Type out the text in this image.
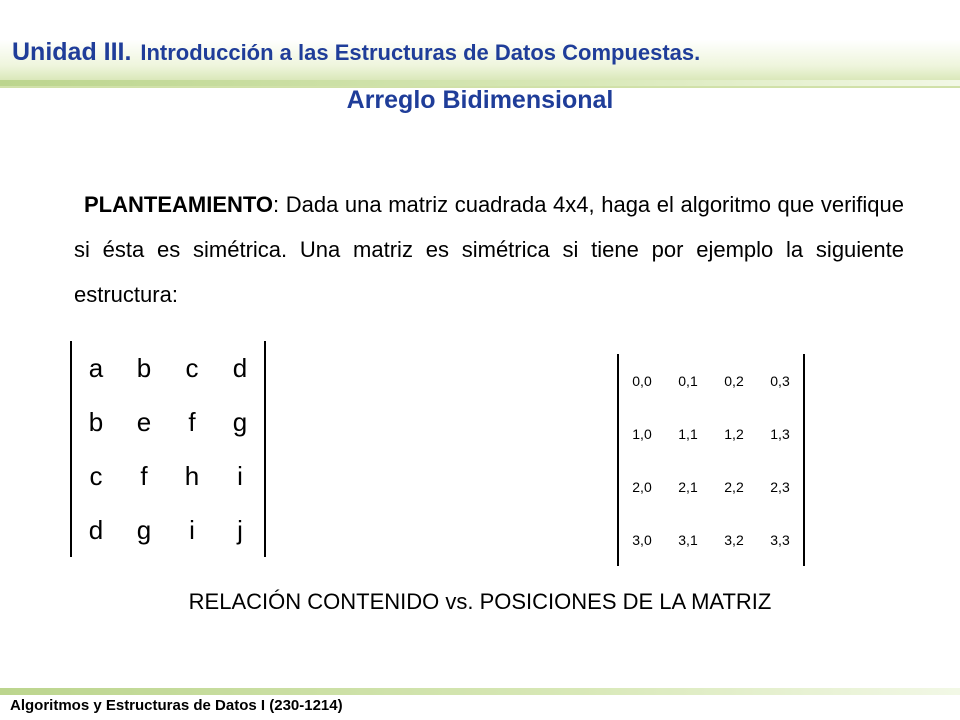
Unidad III. Introducción a las Estructuras de Datos Compuestas.
Arreglo Bidimensional

PLANTEAMIENTO: Dada una matriz cuadrada 4x4, haga el algoritmo que verifique si ésta es simétrica. Una matriz es simétrica si tiene por ejemplo la siguiente estructura:

a	b	c	d
b	e	f	g
c	f	h	i
d	g	i	j
0,0	0,1	0,2	0,3
1,0	1,1	1,2	1,3
2,0	2,1	2,2	2,3
3,0	3,1	3,2	3,3

RELACIÓN CONTENIDO vs. POSICIONES DE LA MATRIZ

Algoritmos y Estructuras de Datos I (230-1214)
